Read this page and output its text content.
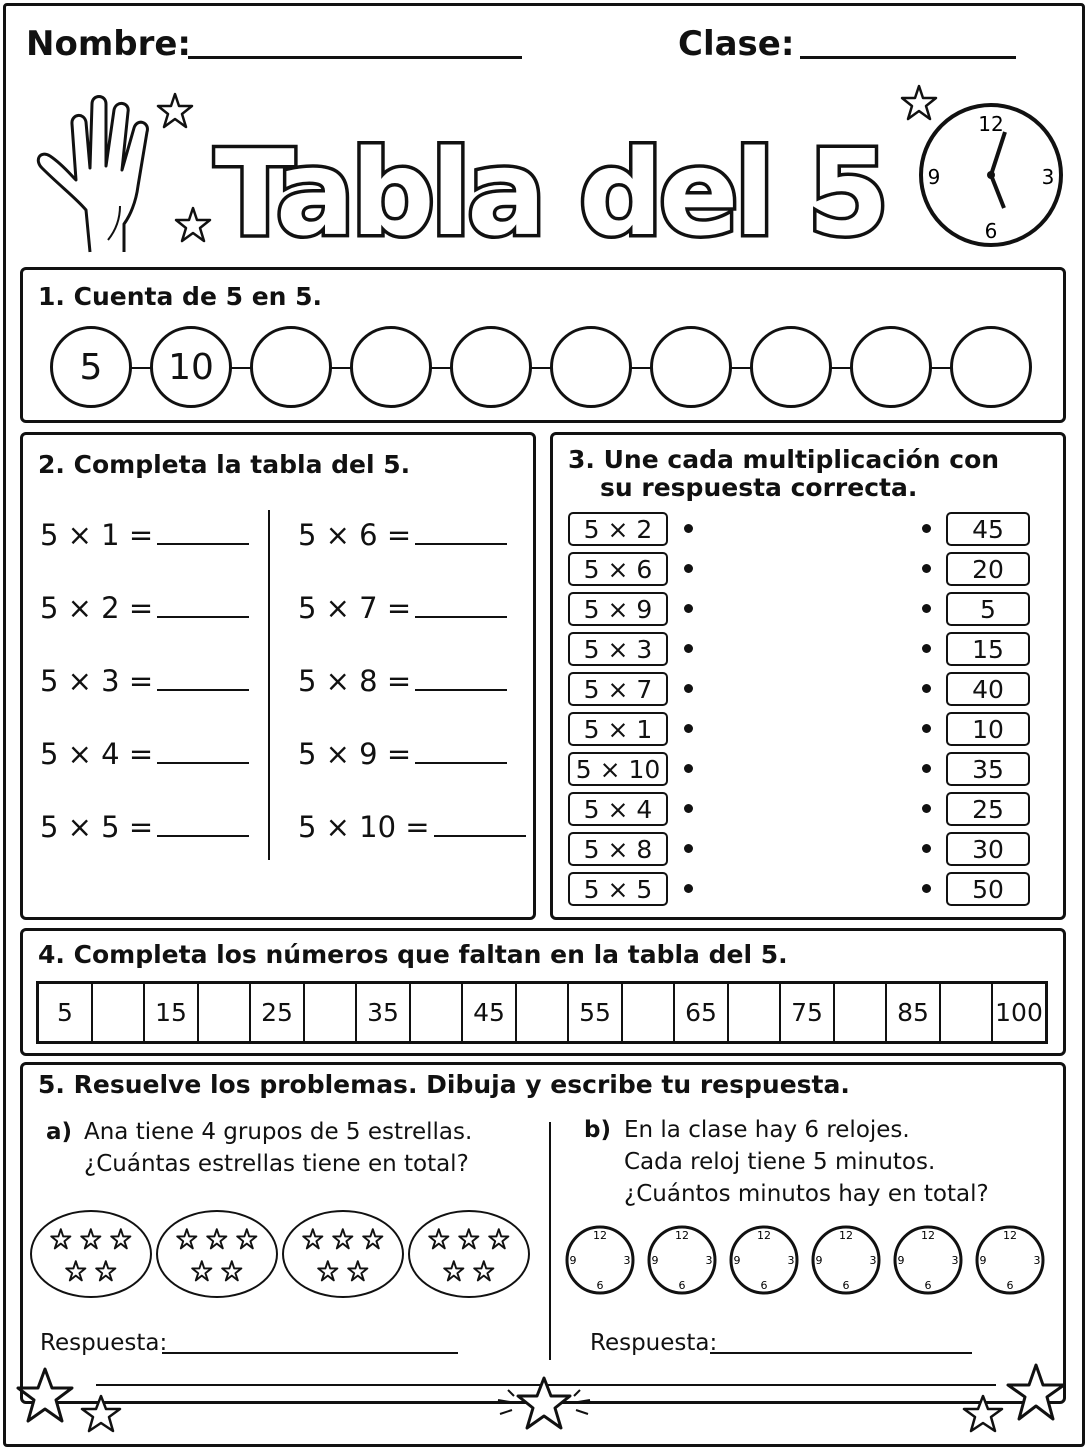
Nombre:	Clase:
Tabla del 5
12
3
6
9
1. Cuenta de 5 en 5.
5	10
2. Completa la tabla del 5.
5 × 1 =
5 × 2 =
5 × 3 =
5 × 4 =
5 × 5 =
5 × 6 =
5 × 7 =
5 × 8 =
5 × 9 =
5 × 10 =
3. Une cada multiplicación con
su respuesta correcta.
5 × 2	45
5 × 6	20
5 × 9	5
5 × 3	15
5 × 7	40
5 × 1	10
5 × 10	35
5 × 4	25
5 × 8	30
5 × 5	50
4. Completa los números que faltan en la tabla del 5.
5	15	25	35	45	55	65	75	85	100
5. Resuelve los problemas. Dibuja y escribe tu respuesta.
a) Ana tiene 4 grupos de 5 estrellas.
¿Cuántas estrellas tiene en total?
Respuesta:
b) En la clase hay 6 relojes.
Cada reloj tiene 5 minutos.
¿Cuántos minutos hay en total?
12
3
6
9
12
3
6
9
12
3
6
9
12
3
6
9
12
3
6
9
12
3
6
9
Respuesta:
